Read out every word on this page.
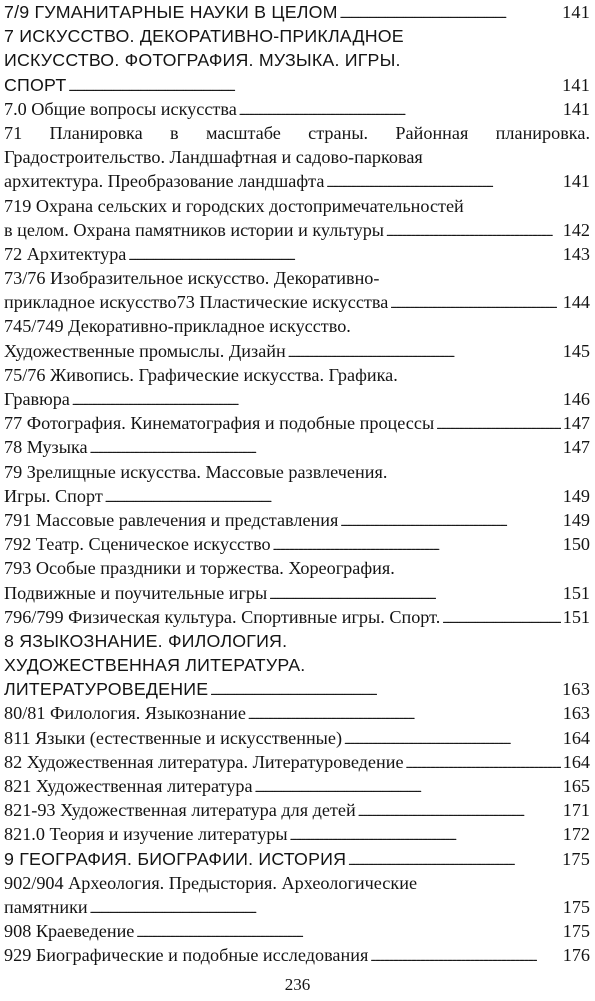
7/9 ГУМАНИТАРНЫЕ НАУКИ В ЦЕЛОМ . . .	141
7 ИСКУССТВО. ДЕКОРАТИВНО-ПРИКЛАДНОЕ
ИСКУССТВО. ФОТОГРАФИЯ. МУЗЫКА. ИГРЫ.
СПОРТ . . .	141
7.0 Общие вопросы искусства . . .	141
71 Планировка в масштабе страны. Районная планировка.
Градостроительство. Ландшафтная и садово-парковая
архитектура. Преобразование ландшафта . . .	141
719 Охрана сельских и городских достопримечательностей
в целом. Охрана памятников истории и культуры . . .	142
72 Архитектура . . .	143
73/76 Изобразительное искусство. Декоративно-
прикладное искусство73 Пластические искусства . . .	144
745/749 Декоративно-прикладное искусство.
Художественные промыслы. Дизайн . . .	145
75/76 Живопись. Графические искусства. Графика.
Гравюра . . .	146
77 Фотография. Кинематография и подобные процессы . . .	147
78 Музыка . . .	147
79 Зрелищные искусства. Массовые развлечения.
Игры. Спорт . . .	149
791 Массовые равлечения и представления . . .	149
792 Театр. Сценическое искусство . . .	150
793 Особые праздники и торжества. Хореография.
Подвижные и поучительные игры . . .	151
796/799 Физическая культура. Спортивные игры. Спорт. . . .	151
8 ЯЗЫКОЗНАНИЕ. ФИЛОЛОГИЯ.
ХУДОЖЕСТВЕННАЯ ЛИТЕРАТУРА.
ЛИТЕРАТУРОВЕДЕНИЕ . . .	163
80/81 Филология. Языкознание . . .	163
811 Языки (естественные и искусственные) . . .	164
82 Художественная литература. Литературоведение . . .	164
821 Художественная литература . . .	165
821-93 Художественная литература для детей . . .	171
821.0 Теория и изучение литературы . . .	172
9 ГЕОГРАФИЯ. БИОГРАФИИ. ИСТОРИЯ . . .	175
902/904 Археология. Предыстория. Археологические
памятники . . .	175
908 Краеведение . . .	175
929 Биографические и подобные исследования . . .	176
236
